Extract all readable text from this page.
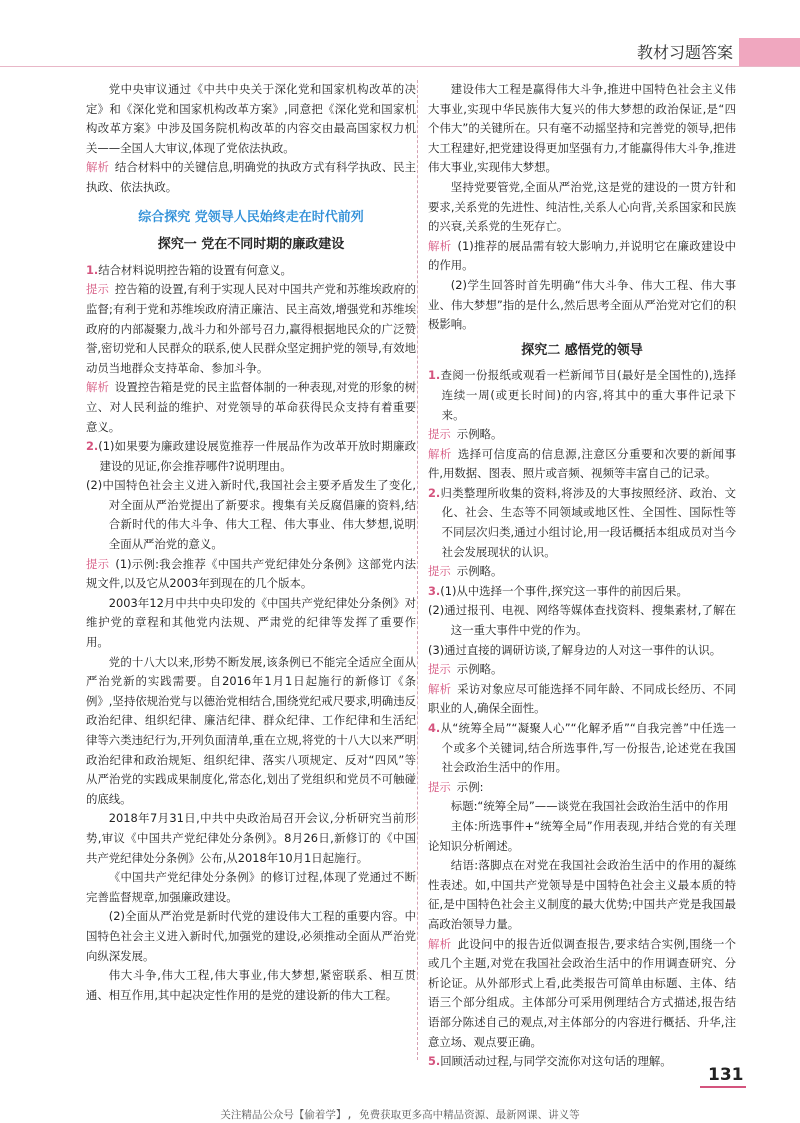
教材习题答案

党中央审议通过《中共中央关于深化党和国家机构改革的决定》和《深化党和国家机构改革方案》,同意把《深化党和国家机构改革方案》中涉及国务院机构改革的内容交由最高国家权力机关——全国人大审议,体现了党依法执政。

解析 结合材料中的关键信息,明确党的执政方式有科学执政、民主执政、依法执政。

综合探究 党领导人民始终走在时代前列
探究一 党在不同时期的廉政建设

1.结合材料说明控告箱的设置有何意义。

提示 控告箱的设置,有利于实现人民对中国共产党和苏维埃政府的监督;有利于党和苏维埃政府清正廉洁、民主高效,增强党和苏维埃政府的内部凝聚力,战斗力和外部号召力,赢得根据地民众的广泛赞誉,密切党和人民群众的联系,使人民群众坚定拥护党的领导,有效地动员当地群众支持革命、参加斗争。

解析 设置控告箱是党的民主监督体制的一种表现,对党的形象的树立、对人民利益的维护、对党领导的革命获得民众支持有着重要意义。

2.(1)如果要为廉政建设展览推荐一件展品作为改革开放时期廉政建设的见证,你会推荐哪件?说明理由。

(2)中国特色社会主义进入新时代,我国社会主要矛盾发生了变化,对全面从严治党提出了新要求。搜集有关反腐倡廉的资料,结合新时代的伟大斗争、伟大工程、伟大事业、伟大梦想,说明全面从严治党的意义。

提示 (1)示例:我会推荐《中国共产党纪律处分条例》这部党内法规文件,以及它从2003年到现在的几个版本。

2003年12月中共中央印发的《中国共产党纪律处分条例》对维护党的章程和其他党内法规、严肃党的纪律等发挥了重要作用。

党的十八大以来,形势不断发展,该条例已不能完全适应全面从严治党新的实践需要。自2016年1月1日起施行的新修订《条例》,坚持依规治党与以德治党相结合,围绕党纪戒尺要求,明确违反政治纪律、组织纪律、廉洁纪律、群众纪律、工作纪律和生活纪律等六类违纪行为,开列负面清单,重在立规,将党的十八大以来严明政治纪律和政治规矩、组织纪律、落实八项规定、反对“四风”等从严治党的实践成果制度化,常态化,划出了党组织和党员不可触碰的底线。

2018年7月31日,中共中央政治局召开会议,分析研究当前形势,审议《中国共产党纪律处分条例》。8月26日,新修订的《中国共产党纪律处分条例》公布,从2018年10月1日起施行。

《中国共产党纪律处分条例》的修订过程,体现了党通过不断完善监督规章,加强廉政建设。

(2)全面从严治党是新时代党的建设伟大工程的重要内容。中国特色社会主义进入新时代,加强党的建设,必须推动全面从严治党向纵深发展。

伟大斗争,伟大工程,伟大事业,伟大梦想,紧密联系、相互贯通、相互作用,其中起决定性作用的是党的建设新的伟大工程。

建设伟大工程是赢得伟大斗争,推进中国特色社会主义伟大事业,实现中华民族伟大复兴的伟大梦想的政治保证,是“四个伟大”的关键所在。只有毫不动摇坚持和完善党的领导,把伟大工程建好,把党建设得更加坚强有力,才能赢得伟大斗争,推进伟大事业,实现伟大梦想。

坚持党要管党,全面从严治党,这是党的建设的一贯方针和要求,关系党的先进性、纯洁性,关系人心向背,关系国家和民族的兴衰,关系党的生死存亡。

解析 (1)推荐的展品需有较大影响力,并说明它在廉政建设中的作用。

(2)学生回答时首先明确“伟大斗争、伟大工程、伟大事业、伟大梦想”指的是什么,然后思考全面从严治党对它们的积极影响。

探究二 感悟党的领导

1.查阅一份报纸或观看一栏新闻节目(最好是全国性的),选择连续一周(或更长时间)的内容,将其中的重大事件记录下来。

提示 示例略。

解析 选择可信度高的信息源,注意区分重要和次要的新闻事件,用数据、图表、照片或音频、视频等丰富自己的记录。

2.归类整理所收集的资料,将涉及的大事按照经济、政治、文化、社会、生态等不同领域或地区性、全国性、国际性等不同层次归类,通过小组讨论,用一段话概括本组成员对当今社会发展现状的认识。

提示 示例略。

3.(1)从中选择一个事件,探究这一事件的前因后果。

(2)通过报刊、电视、网络等媒体查找资料、搜集素材,了解在这一重大事件中党的作为。

(3)通过直接的调研访谈,了解身边的人对这一事件的认识。

提示 示例略。

解析 采访对象应尽可能选择不同年龄、不同成长经历、不同职业的人,确保全面性。

4.从“统筹全局”“凝聚人心”“化解矛盾”“自我完善”中任选一个或多个关键词,结合所选事件,写一份报告,论述党在我国社会政治生活中的作用。

提示 示例:

标题:“统筹全局”——谈党在我国社会政治生活中的作用

主体:所选事件+“统筹全局”作用表现,并结合党的有关理论知识分析阐述。

结语:落脚点在对党在我国社会政治生活中的作用的凝练性表述。如,中国共产党领导是中国特色社会主义最本质的特征,是中国特色社会主义制度的最大优势;中国共产党是我国最高政治领导力量。

解析 此设问中的报告近似调查报告,要求结合实例,围绕一个或几个主题,对党在我国社会政治生活中的作用调查研究、分析论证。从外部形式上看,此类报告可简单由标题、主体、结语三个部分组成。主体部分可采用例理结合方式描述,报告结语部分陈述自己的观点,对主体部分的内容进行概括、升华,注意立场、观点要正确。

5.回顾活动过程,与同学交流你对这句话的理解。

131
关注精品公众号【偷着学】, 免费获取更多高中精品资源、最新网课、讲义等
